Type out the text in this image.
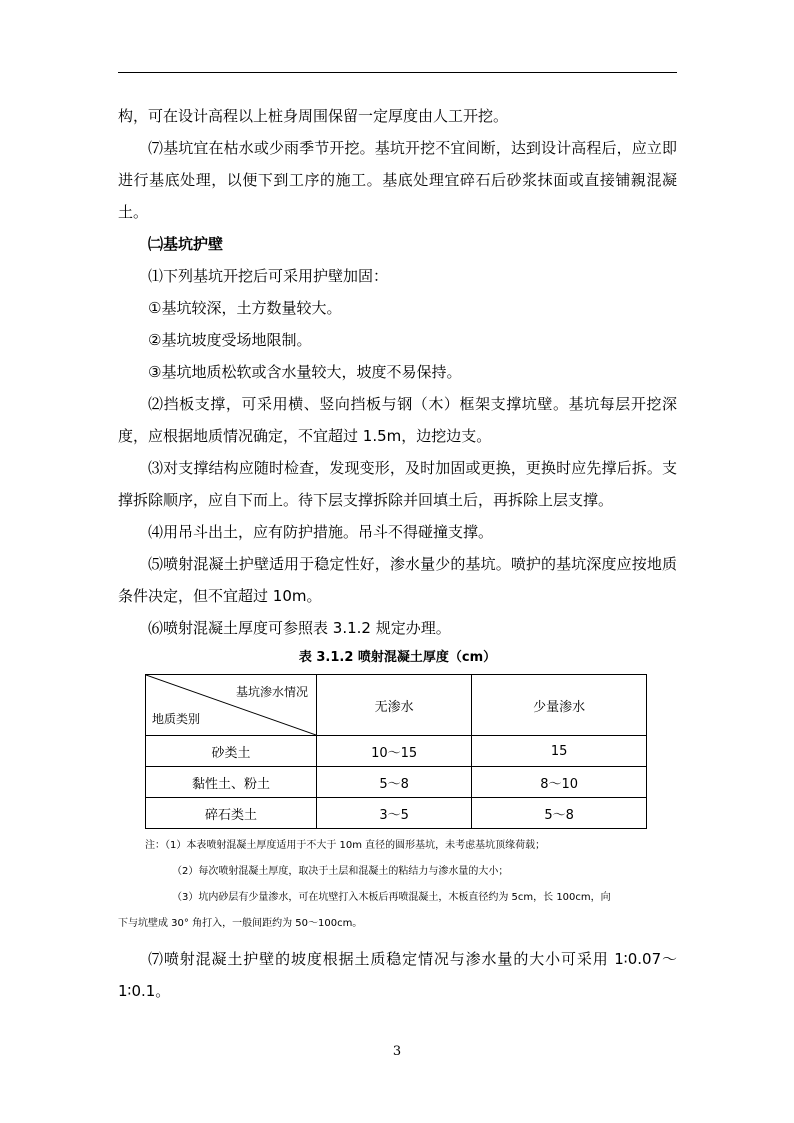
构，可在设计高程以上桩身周围保留一定厚度由人工开挖。

⑺基坑宜在枯水或少雨季节开挖。基坑开挖不宜间断，达到设计高程后，应立即进行基底处理，以便下到工序的施工。基底处理宜碎石后砂浆抹面或直接铺親混凝土。

㈡基坑护壁

⑴下列基坑开挖后可采用护壁加固：

①基坑较深，土方数量较大。

②基坑坡度受场地限制。

③基坑地质松软或含水量较大，坡度不易保持。

⑵挡板支撑，可采用横、竖向挡板与钢（木）框架支撑坑壁。基坑每层开挖深度，应根据地质情况确定，不宜超过 1.5m，边挖边支。

⑶对支撑结构应随时检查，发现变形，及时加固或更换，更换时应先撑后拆。支撑拆除顺序，应自下而上。待下层支撑拆除并回填土后，再拆除上层支撑。

⑷用吊斗出土，应有防护措施。吊斗不得碰撞支撑。

⑸喷射混凝土护壁适用于稳定性好，渗水量少的基坑。喷护的基坑深度应按地质条件决定，但不宜超过 10m。

⑹喷射混凝土厚度可参照表 3.1.2 规定办理。

表 3.1.2 喷射混凝土厚度（cm）
基坑渗水情况
地质类别	无渗水	少量渗水
砂类土	10～15	15
黏性土、粉土	5～8	8～10
碎石类土	3～5	5～8
注：（1）本表喷射混凝土厚度适用于不大于 10m 直径的圆形基坑，未考虑基坑顶缘荷载；
（2）每次喷射混凝土厚度，取决于土层和混凝土的粘结力与渗水量的大小；
（3）坑内砂层有少量渗水，可在坑壁打入木板后再喷混凝土，木板直径约为 5cm，长 100cm，向
下与坑壁成 30° 角打入，一般间距约为 50～100cm。

⑺喷射混凝土护壁的坡度根据土质稳定情况与渗水量的大小可采用 1∶0.07～1∶0.1。

3
